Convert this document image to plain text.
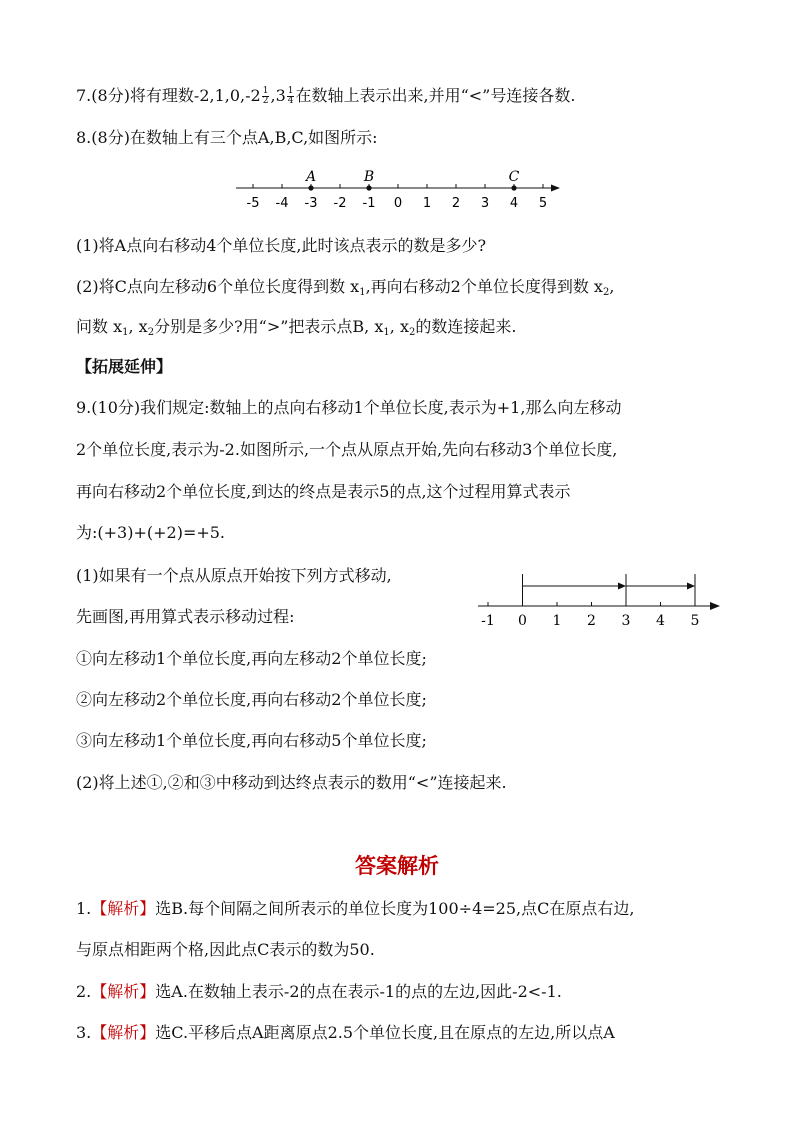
7.(8分)将有理数$-2,1,0,-2 \frac{1}{2} ,3 \frac{1}{4}$ 在数轴上表示出来,并用“<”号连接各数.
8.(8分)在数轴上有三个点A,B,C,如图所示:
-5 -4 -3 -2 -1 0 1 2 3 4 5
A	B	C
(1)将A点向右移动4个单位长度,此时该点表示的数是多少?
(2)将C点向左移动6个单位长度得到数 $x_1$,再向右移动2个单位长度得到数 $x_2$,
问数 $x_1$, $x_2$分别是多少?用“>”把表示点B, $x_1$, $x_2$的数连接起来.
【拓展延伸】
9.(10分)我们规定:数轴上的点向右移动1个单位长度,表示为+1,那么向左移动
2个单位长度,表示为-2.如图所示,一个点从原点开始,先向右移动3个单位长度,
再向右移动2个单位长度,到达的终点是表示5的点,这个过程用算式表示
为:(+3)+(+2)=+5.
(1)如果有一个点从原点开始按下列方式移动,
先画图,再用算式表示移动过程:
①向左移动1个单位长度,再向左移动2个单位长度;
②向左移动2个单位长度,再向右移动2个单位长度;
③向左移动1个单位长度,再向右移动5个单位长度;
(2)将上述①,②和③中移动到达终点表示的数用“<”连接起来.
-1 0 1 2 3 4 5
答案解析
1.【解析】选B.每个间隔之间所表示的单位长度为100÷4=25,点C在原点右边,
与原点相距两个格,因此点C表示的数为50.
2.【解析】选A.在数轴上表示-2的点在表示-1的点的左边,因此-2<-1.
3.【解析】选C.平移后点A距离原点2.5个单位长度,且在原点的左边,所以点A
